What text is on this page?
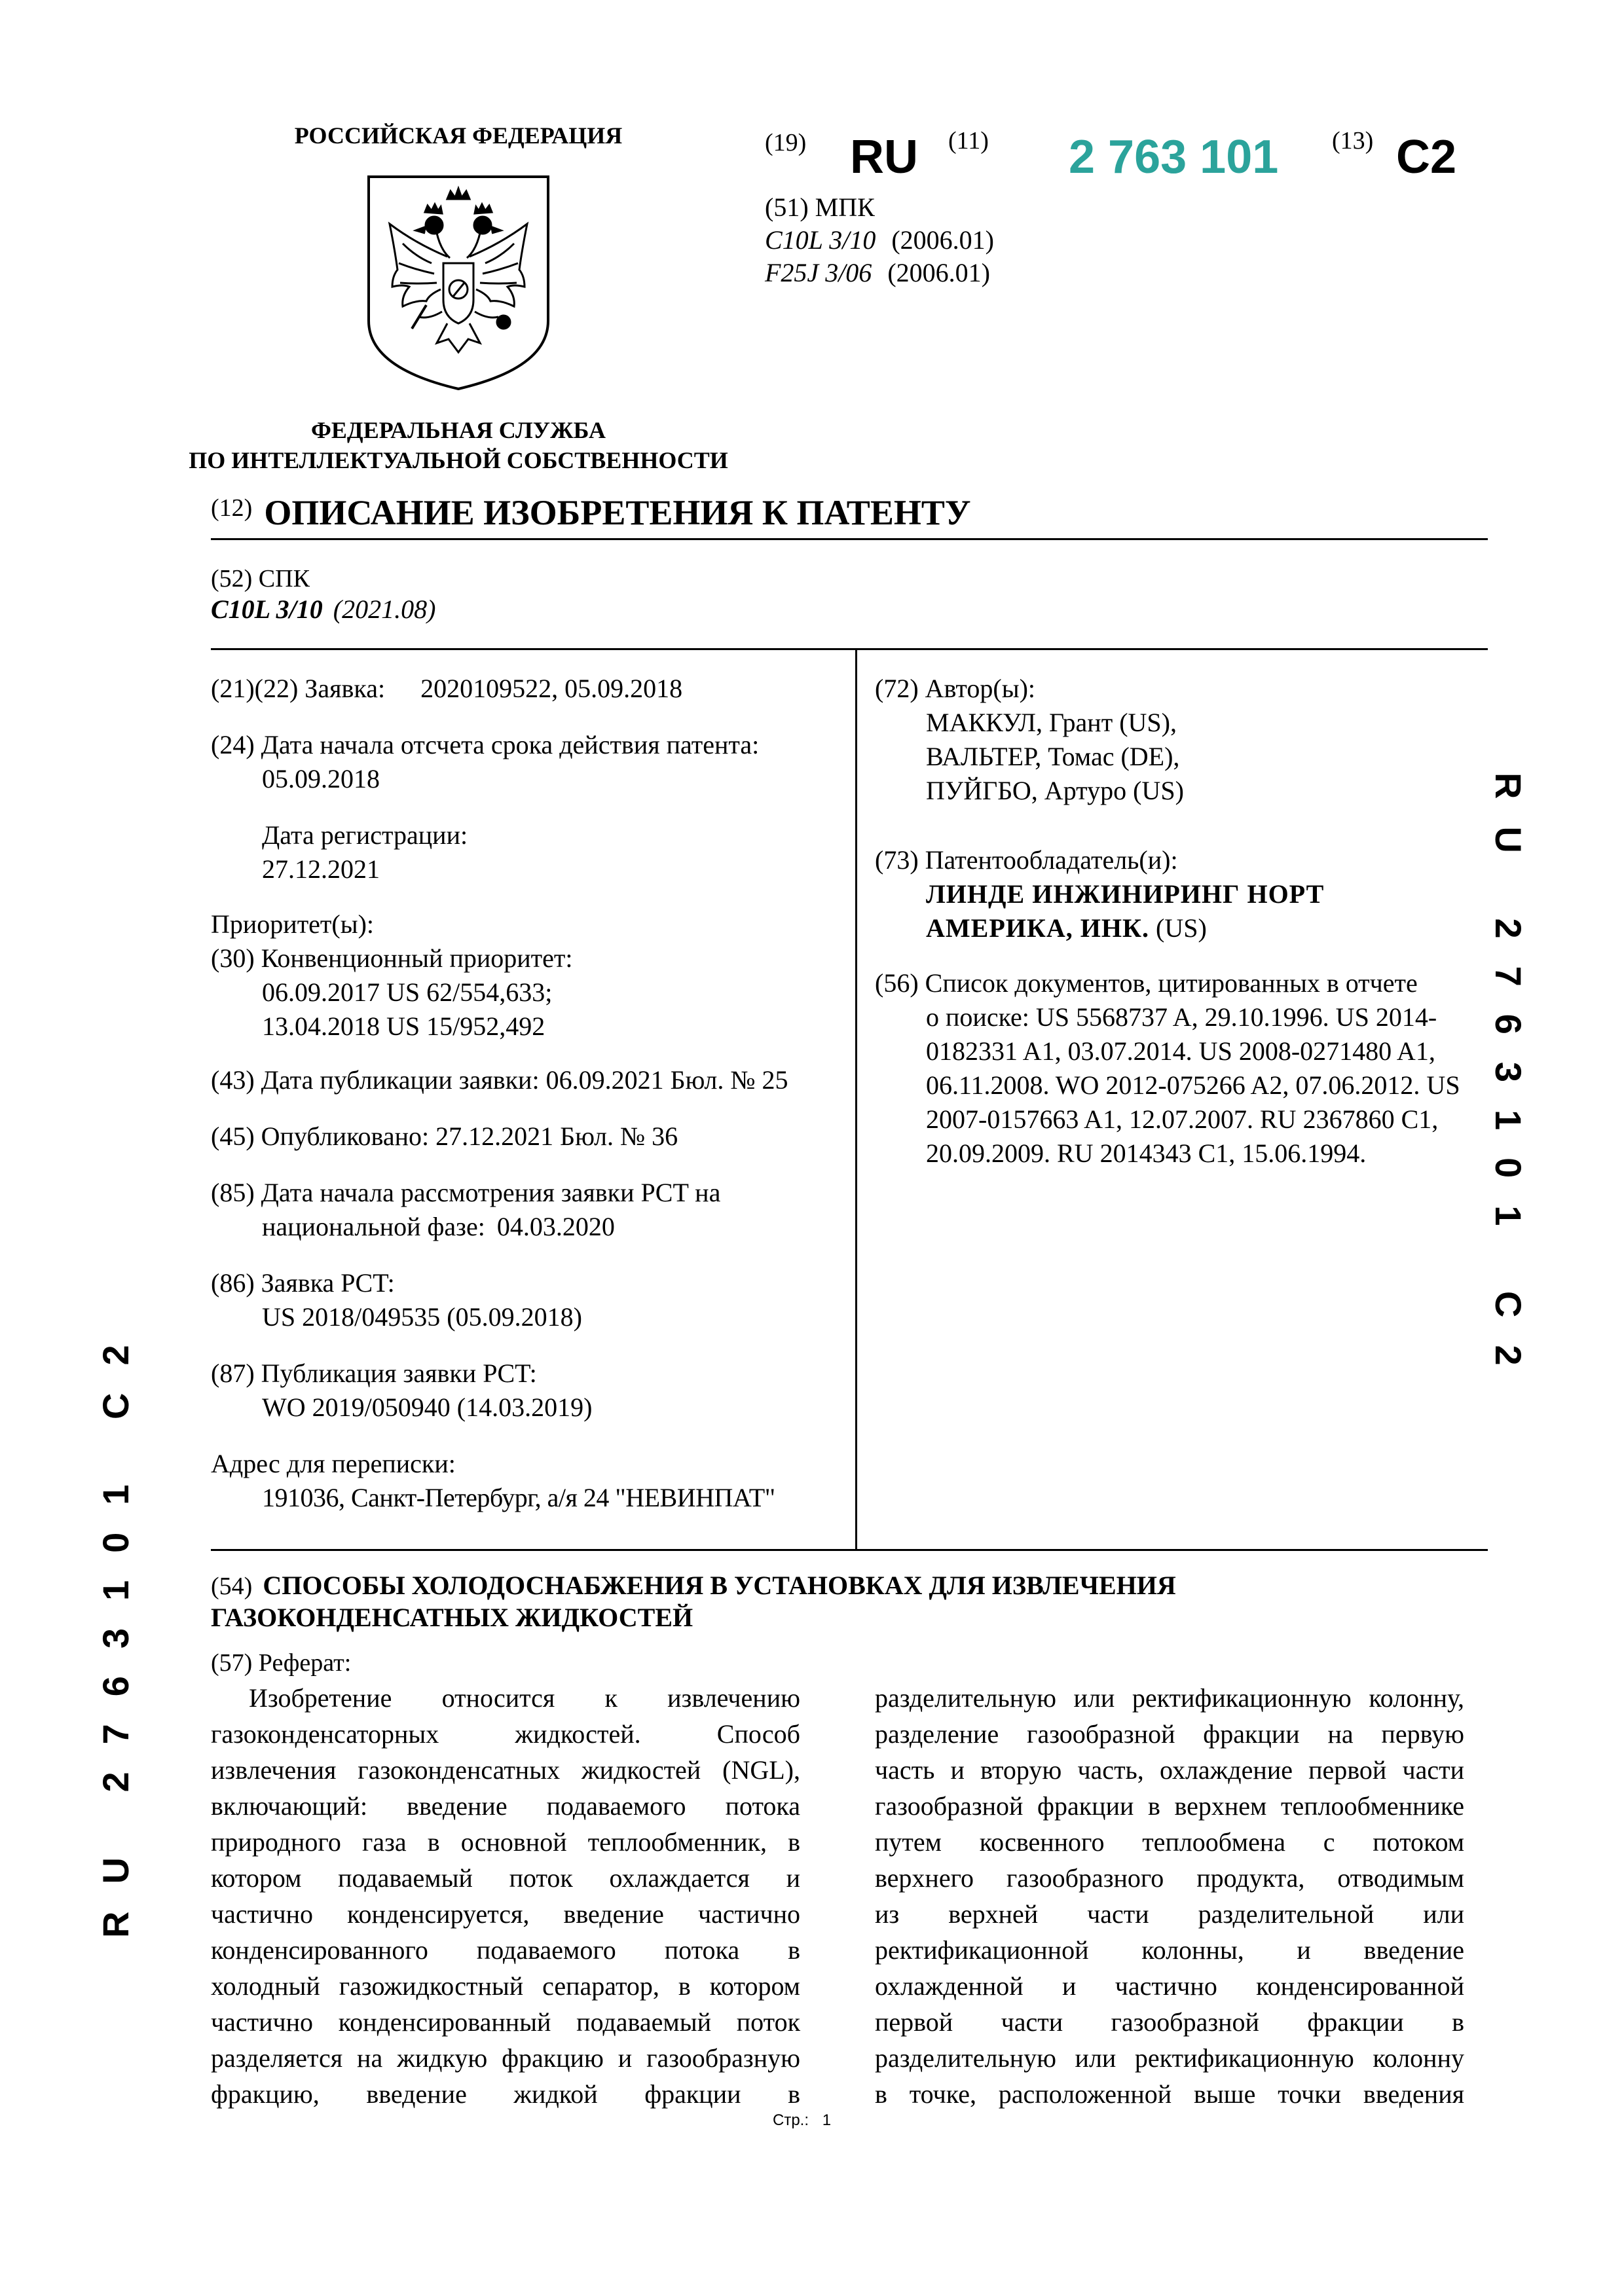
РОССИЙСКАЯ ФЕДЕРАЦИЯ
ФЕДЕРАЛЬНАЯ СЛУЖБА
ПО ИНТЕЛЛЕКТУАЛЬНОЙ СОБСТВЕННОСТИ
(19) RU (11) 2 763 101 (13) C2
(51) МПК
C10L 3/10 (2006.01)
F25J 3/06 (2006.01)
(12) ОПИСАНИЕ ИЗОБРЕТЕНИЯ К ПАТЕНТУ
(52) СПК
C10L 3/10 (2021.08)
(21)(22) Заявка: 2020109522, 05.09.2018
(24) Дата начала отсчета срока действия патента:
05.09.2018
Дата регистрации:
27.12.2021
Приоритет(ы):
(30) Конвенционный приоритет:
06.09.2017 US 62/554,633;
13.04.2018 US 15/952,492
(43) Дата публикации заявки: 06.09.2021 Бюл. № 25
(45) Опубликовано: 27.12.2021 Бюл. № 36
(85) Дата начала рассмотрения заявки PCT на
национальной фазе: 04.03.2020
(86) Заявка PCT:
US 2018/049535 (05.09.2018)
(87) Публикация заявки PCT:
WO 2019/050940 (14.03.2019)
Адрес для переписки:
191036, Санкт-Петербург, а/я 24 "НЕВИНПАТ"
(72) Автор(ы):
МАККУЛ, Грант (US),
ВАЛЬТЕР, Томас (DE),
ПУЙГБО, Артуро (US)
(73) Патентообладатель(и):
ЛИНДЕ ИНЖИНИРИНГ НОРТ
АМЕРИКА, ИНК. (US)
(56) Список документов, цитированных в отчете
о поиске: US 5568737 A, 29.10.1996. US 2014-
0182331 A1, 03.07.2014. US 2008-0271480 A1,
06.11.2008. WO 2012-075266 A2, 07.06.2012. US
2007-0157663 A1, 12.07.2007. RU 2367860 C1,
20.09.2009. RU 2014343 C1, 15.06.1994.
(54) СПОСОБЫ ХОЛОДОСНАБЖЕНИЯ В УСТАНОВКАХ ДЛЯ ИЗВЛЕЧЕНИЯ
ГАЗОКОНДЕНСАТНЫХ ЖИДКОСТЕЙ
(57) Реферат:
Изобретение относится к извлечению
газоконденсаторных жидкостей. Способ
извлечения газоконденсатных жидкостей (NGL),
включающий: введение подаваемого потока
природного газа в основной теплообменник, в
котором подаваемый поток охлаждается и
частично конденсируется, введение частично
конденсированного подаваемого потока в
холодный газожидкостный сепаратор, в котором
частично конденсированный подаваемый поток
разделяется на жидкую фракцию и газообразную
фракцию, введение жидкой фракции в
разделительную или ректификационную колонну,
разделение газообразной фракции на первую
часть и вторую часть, охлаждение первой части
газообразной фракции в верхнем теплообменнике
путем косвенного теплообмена с потоком
верхнего газообразного продукта, отводимым
из верхней части разделительной или
ректификационной колонны, и введение
охлажденной и частично конденсированной
первой части газообразной фракции в
разделительную или ректификационную колонну
в точке, расположенной выше точки введения
RU 2763101 C2
RU 2763101 C2
Стр.: 1
